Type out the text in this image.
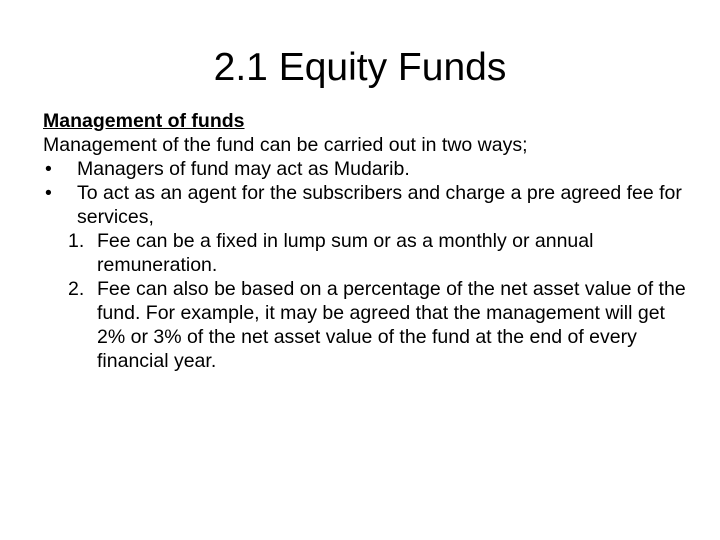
2.1 Equity Funds

Management of funds

Management of the fund can be carried out in two ways;

• Managers of fund may act as Mudarib.
• To act as an agent for the subscribers and charge a pre agreed fee for services,
1. Fee can be a fixed in lump sum or as a monthly or annual remuneration.
2. Fee can also be based on a percentage of the net asset value of the fund. For example, it may be agreed that the management will get 2% or 3% of the net asset value of the fund at the end of every financial year.
